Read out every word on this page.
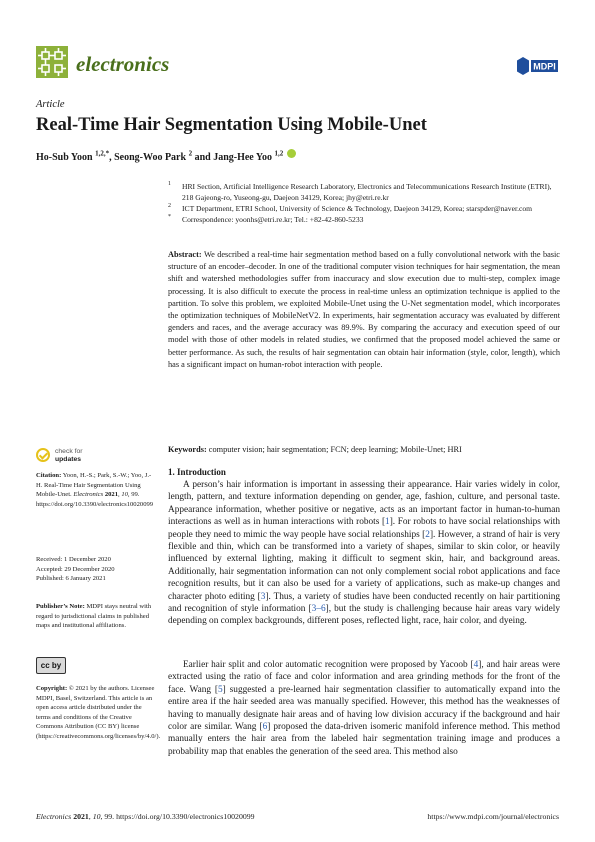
electronics	MDPI
Article
Real-Time Hair Segmentation Using Mobile-Unet
Ho-Sub Yoon $^{1,2,*}$, Seong-Woo Park $^2$ and Jang-Hee Yoo $^{1,2}$

1 HRI Section, Artificial Intelligence Research Laboratory, Electronics and Telecommunications Research Institute (ETRI), 218 Gajeong-ro, Yuseong-gu, Daejeon 34129, Korea; jhy@etri.re.kr

2 ICT Department, ETRI School, University of Science & Technology, Daejeon 34129, Korea; starspder@naver.com

* Correspondence: yoonhs@etri.re.kr; Tel.: +82-42-860-5233

Abstract: We described a real-time hair segmentation method based on a fully convolutional network with the basic structure of an encoder–decoder. In one of the traditional computer vision techniques for hair segmentation, the mean shift and watershed methodologies suffer from inaccuracy and slow execution due to multi-step, complex image processing. It is also difficult to execute the process in real-time unless an optimization technique is applied to the partition. To solve this problem, we exploited Mobile-Unet using the U-Net segmentation model, which incorporates the optimization techniques of MobileNetV2. In experiments, hair segmentation accuracy was evaluated by different genders and races, and the average accuracy was 89.9%. By comparing the accuracy and execution speed of our model with those of other models in related studies, we confirmed that the proposed model achieved the same or better performance. As such, the results of hair segmentation can obtain hair information (style, color, length), which has a significant impact on human-robot interaction with people.

Keywords: computer vision; hair segmentation; FCN; deep learning; Mobile-Unet; HRI

check for
updates

Citation: Yoon, H.-S.; Park, S.-W.; Yoo, J.-H. Real-Time Hair Segmentation Using Mobile-Unet. Electronics 2021, 10, 99. https://doi.org/10.3390/electronics10020099

Received: 1 December 2020

Accepted: 29 December 2020

Published: 6 January 2021

Publisher’s Note: MDPI stays neutral with regard to jurisdictional claims in published maps and institutional affiliations.

cc by

Copyright: © 2021 by the authors. Licensee MDPI, Basel, Switzerland. This article is an open access article distributed under the terms and conditions of the Creative Commons Attribution (CC BY) license (https://creativecommons.org/licenses/by/4.0/).

1. Introduction

A person’s hair information is important in assessing their appearance. Hair varies widely in color, length, pattern, and texture information depending on gender, age, fashion, culture, and personal taste. Appearance information, whether positive or negative, acts as an important factor in human-to-human interactions as well as in human interactions with robots [1]. For robots to have social relationships with people they need to mimic the way people have social relationships [2]. However, a strand of hair is very flexible and thin, which can be transformed into a variety of shapes, similar to skin color, or heavily influenced by external lighting, making it difficult to segment skin, hair, and background areas. Additionally, hair segmentation information can not only complement social robot applications and face recognition results, but it can also be used for a variety of applications, such as make-up changes and character photo editing [3]. Thus, a variety of studies have been conducted recently on hair partitioning and recognition of style information [3–6], but the study is challenging because hair areas vary widely depending on complex backgrounds, different poses, reflected light, race, hair color, and dyeing.

Earlier hair split and color automatic recognition were proposed by Yacoob [4], and hair areas were extracted using the ratio of face and color information and area grinding methods for the front of the face. Wang [5] suggested a pre-learned hair segmentation classifier to automatically expand into the entire area if the hair seeded area was manually specified. However, this method has the weaknesses of having to manually designate hair areas and of having low division accuracy if the background and hair color are similar. Wang [6] proposed the data-driven isomeric manifold inference method. This method manually enters the hair area from the labeled hair segmentation training image and produces a probability map that enables the generation of the seed area. This method also

Electronics 2021, 10, 99. https://doi.org/10.3390/electronics10020099	https://www.mdpi.com/journal/electronics
